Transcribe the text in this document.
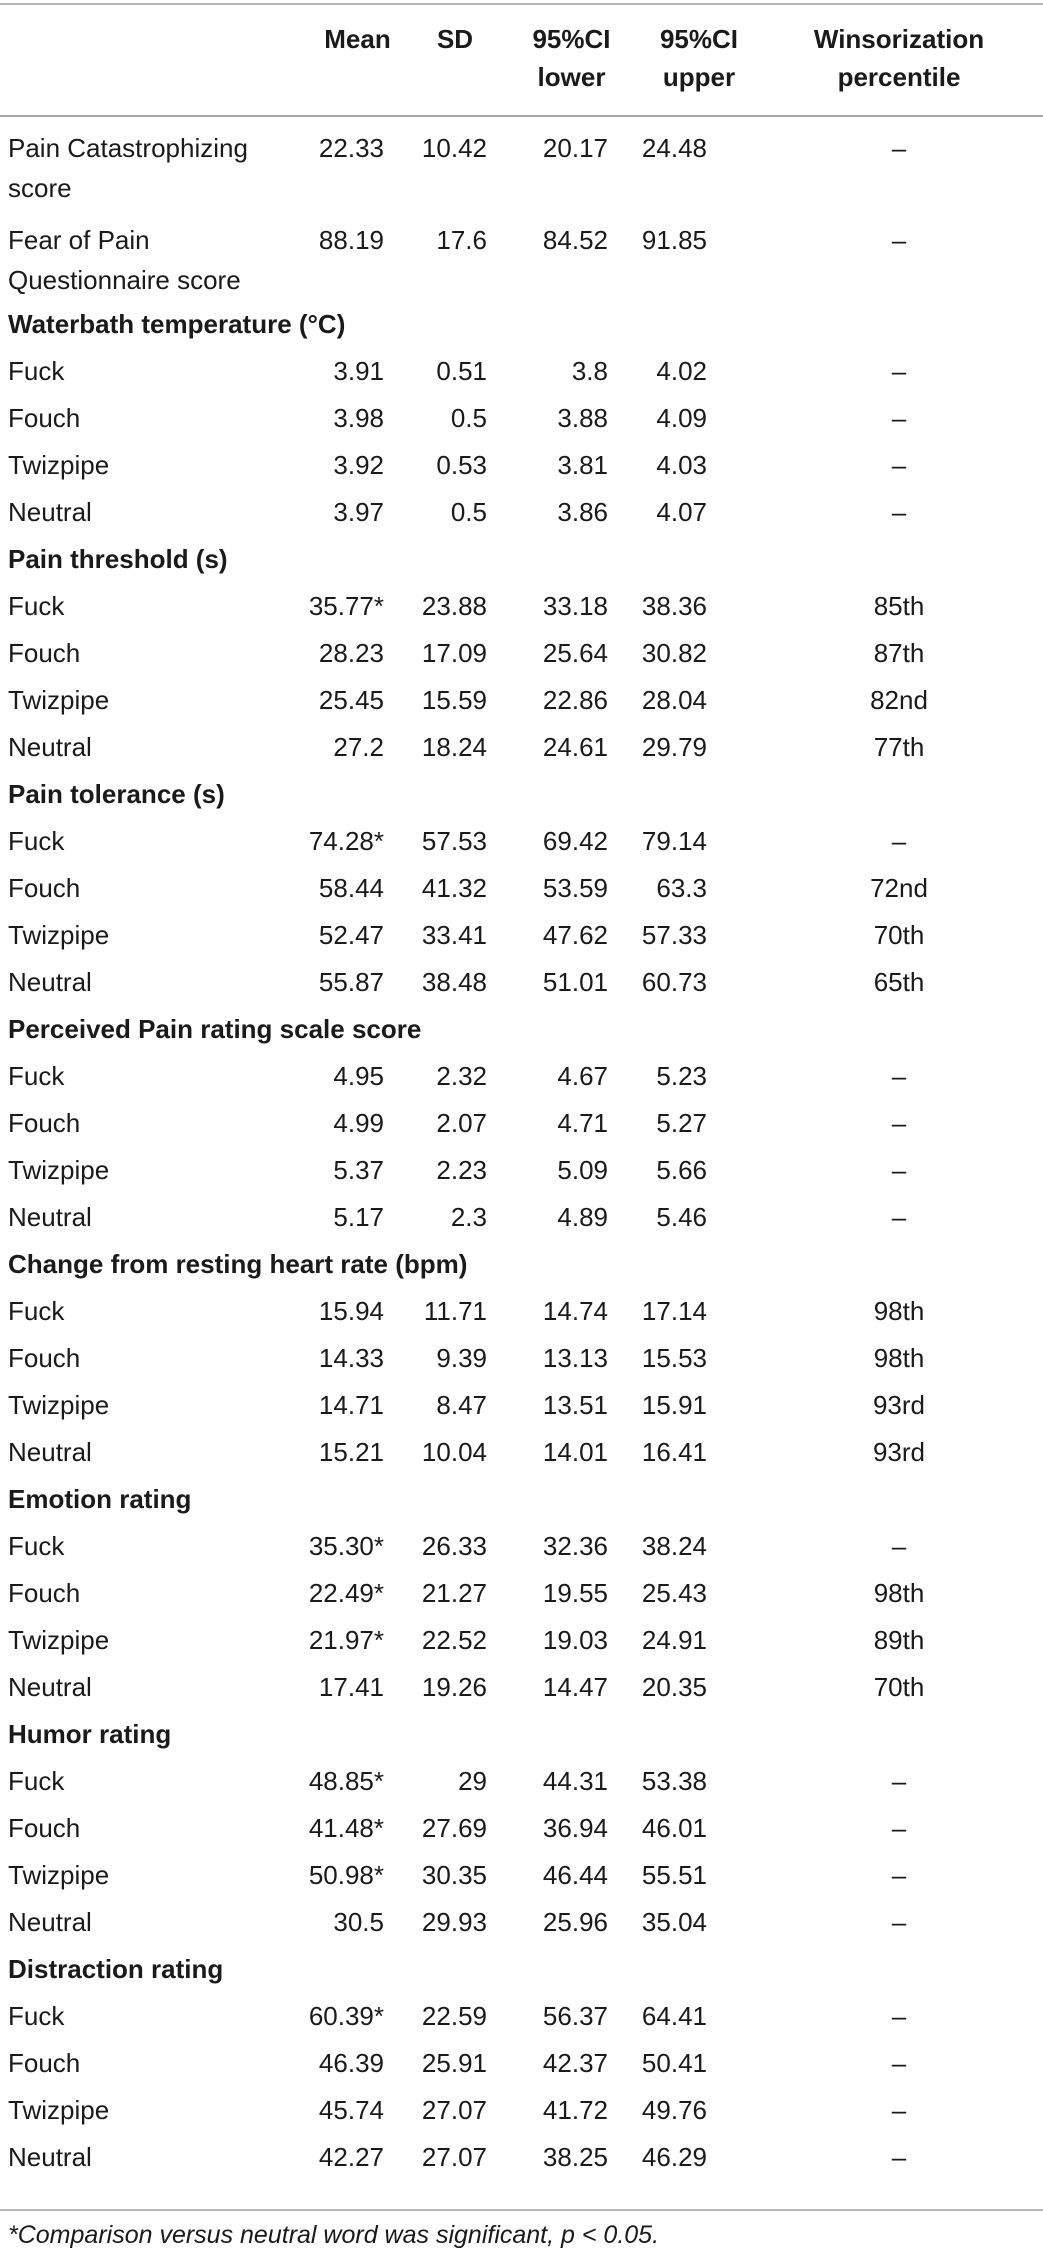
	Mean	SD	95%CI lower	95%CI upper	Winsorization percentile
Pain Catastrophizing score	22.33	10.42	20.17	24.48	–
Fear of Pain Questionnaire score	88.19	17.6	84.52	91.85	–
Waterbath temperature (°C)					
Fuck	3.91	0.51	3.8	4.02	–
Fouch	3.98	0.5	3.88	4.09	–
Twizpipe	3.92	0.53	3.81	4.03	–
Neutral	3.97	0.5	3.86	4.07	–
Pain threshold (s)					
Fuck	35.77*	23.88	33.18	38.36	85th
Fouch	28.23	17.09	25.64	30.82	87th
Twizpipe	25.45	15.59	22.86	28.04	82nd
Neutral	27.2	18.24	24.61	29.79	77th
Pain tolerance (s)					
Fuck	74.28*	57.53	69.42	79.14	–
Fouch	58.44	41.32	53.59	63.3	72nd
Twizpipe	52.47	33.41	47.62	57.33	70th
Neutral	55.87	38.48	51.01	60.73	65th
Perceived Pain rating scale score					
Fuck	4.95	2.32	4.67	5.23	–
Fouch	4.99	2.07	4.71	5.27	–
Twizpipe	5.37	2.23	5.09	5.66	–
Neutral	5.17	2.3	4.89	5.46	–
Change from resting heart rate (bpm)					
Fuck	15.94	11.71	14.74	17.14	98th
Fouch	14.33	9.39	13.13	15.53	98th
Twizpipe	14.71	8.47	13.51	15.91	93rd
Neutral	15.21	10.04	14.01	16.41	93rd
Emotion rating					
Fuck	35.30*	26.33	32.36	38.24	–
Fouch	22.49*	21.27	19.55	25.43	98th
Twizpipe	21.97*	22.52	19.03	24.91	89th
Neutral	17.41	19.26	14.47	20.35	70th
Humor rating					
Fuck	48.85*	29	44.31	53.38	–
Fouch	41.48*	27.69	36.94	46.01	–
Twizpipe	50.98*	30.35	46.44	55.51	–
Neutral	30.5	29.93	25.96	35.04	–
Distraction rating					
Fuck	60.39*	22.59	56.37	64.41	–
Fouch	46.39	25.91	42.37	50.41	–
Twizpipe	45.74	27.07	41.72	49.76	–
Neutral	42.27	27.07	38.25	46.29	–
*Comparison versus neutral word was significant, p < 0.05.
